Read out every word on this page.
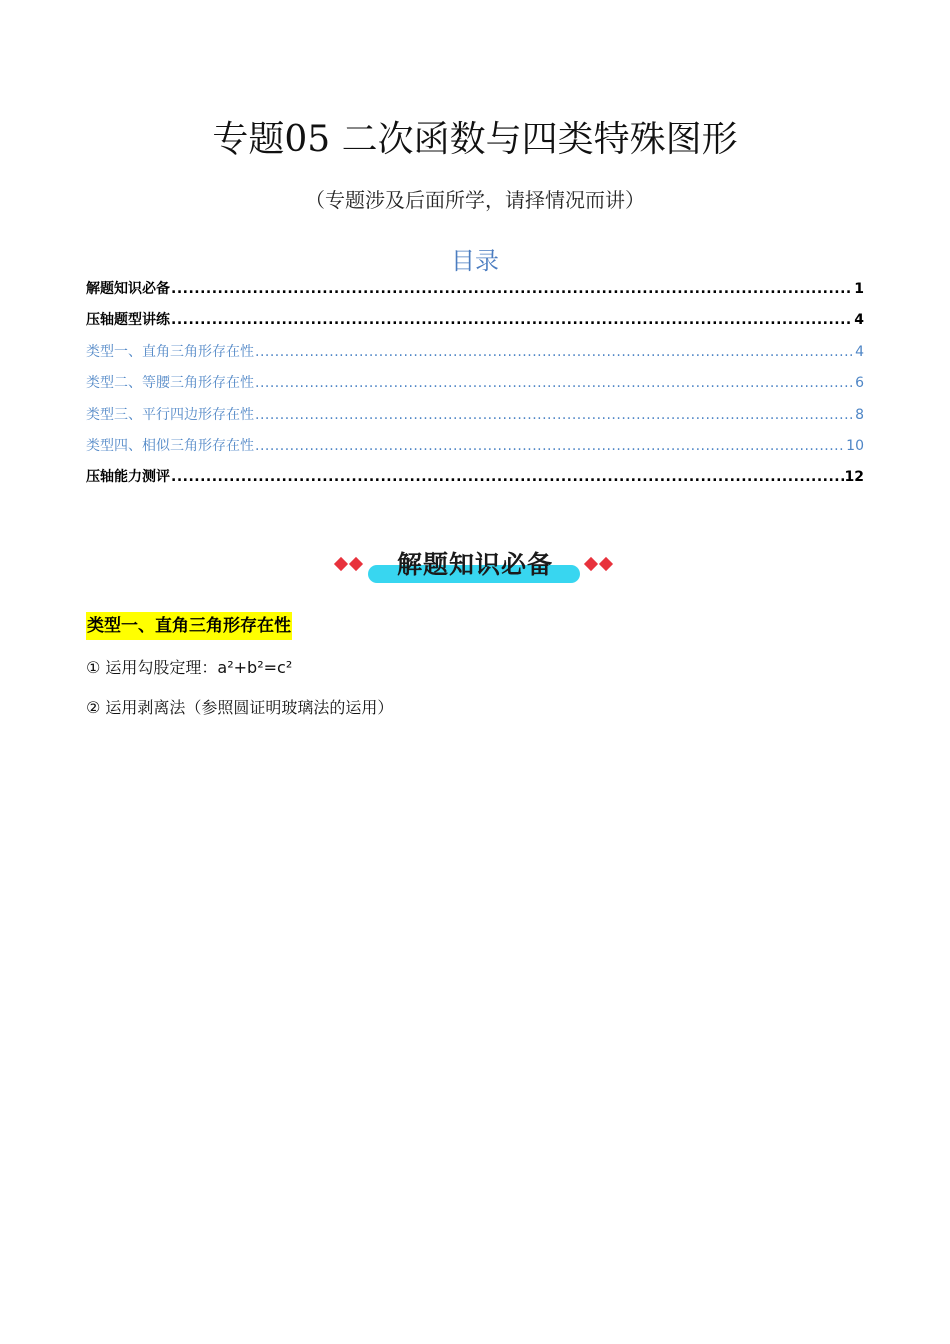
专题05 二次函数与四类特殊图形
（专题涉及后面所学，请择情况而讲）
目录
解题知识必备 .....	1
压轴题型讲练 .....	4
类型一、直角三角形存在性 .....	4
类型二、等腰三角形存在性 .....	6
类型三、平行四边形存在性 .....	8
类型四、相似三角形存在性 .....	10
压轴能力测评 .....	12
解题知识必备
类型一、直角三角形存在性
① 运用勾股定理：a²+b²=c²
② 运用剥离法（参照圆证明玻璃法的运用）
